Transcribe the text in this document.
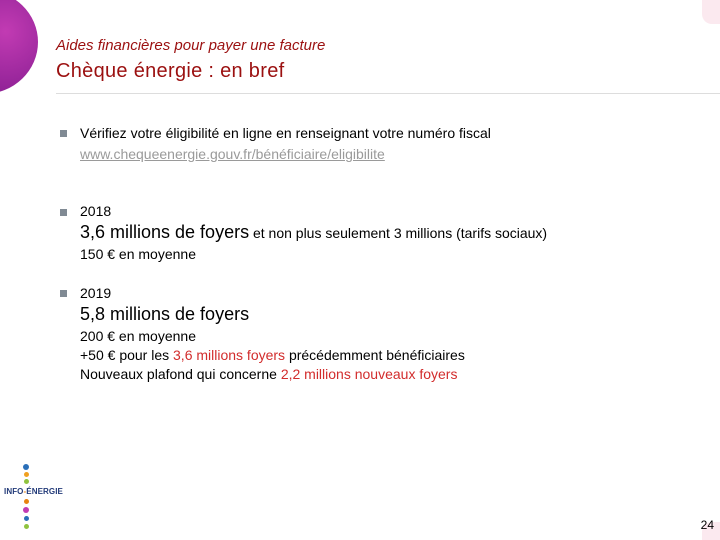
Aides financières pour payer une facture
Chèque énergie : en bref
Vérifiez votre éligibilité en ligne en renseignant votre numéro fiscal
www.chequeenergie.gouv.fr/bénéficiaire/eligibilite
2018
3,6 millions de foyers et non plus seulement 3 millions (tarifs sociaux)
150 € en moyenne
2019
5,8 millions de foyers
200 € en moyenne
+50 € pour les 3,6 millions foyers précédemment bénéficiaires
Nouveaux plafond qui concerne 2,2 millions nouveaux foyers
INFO-ÉNERGIE
24
